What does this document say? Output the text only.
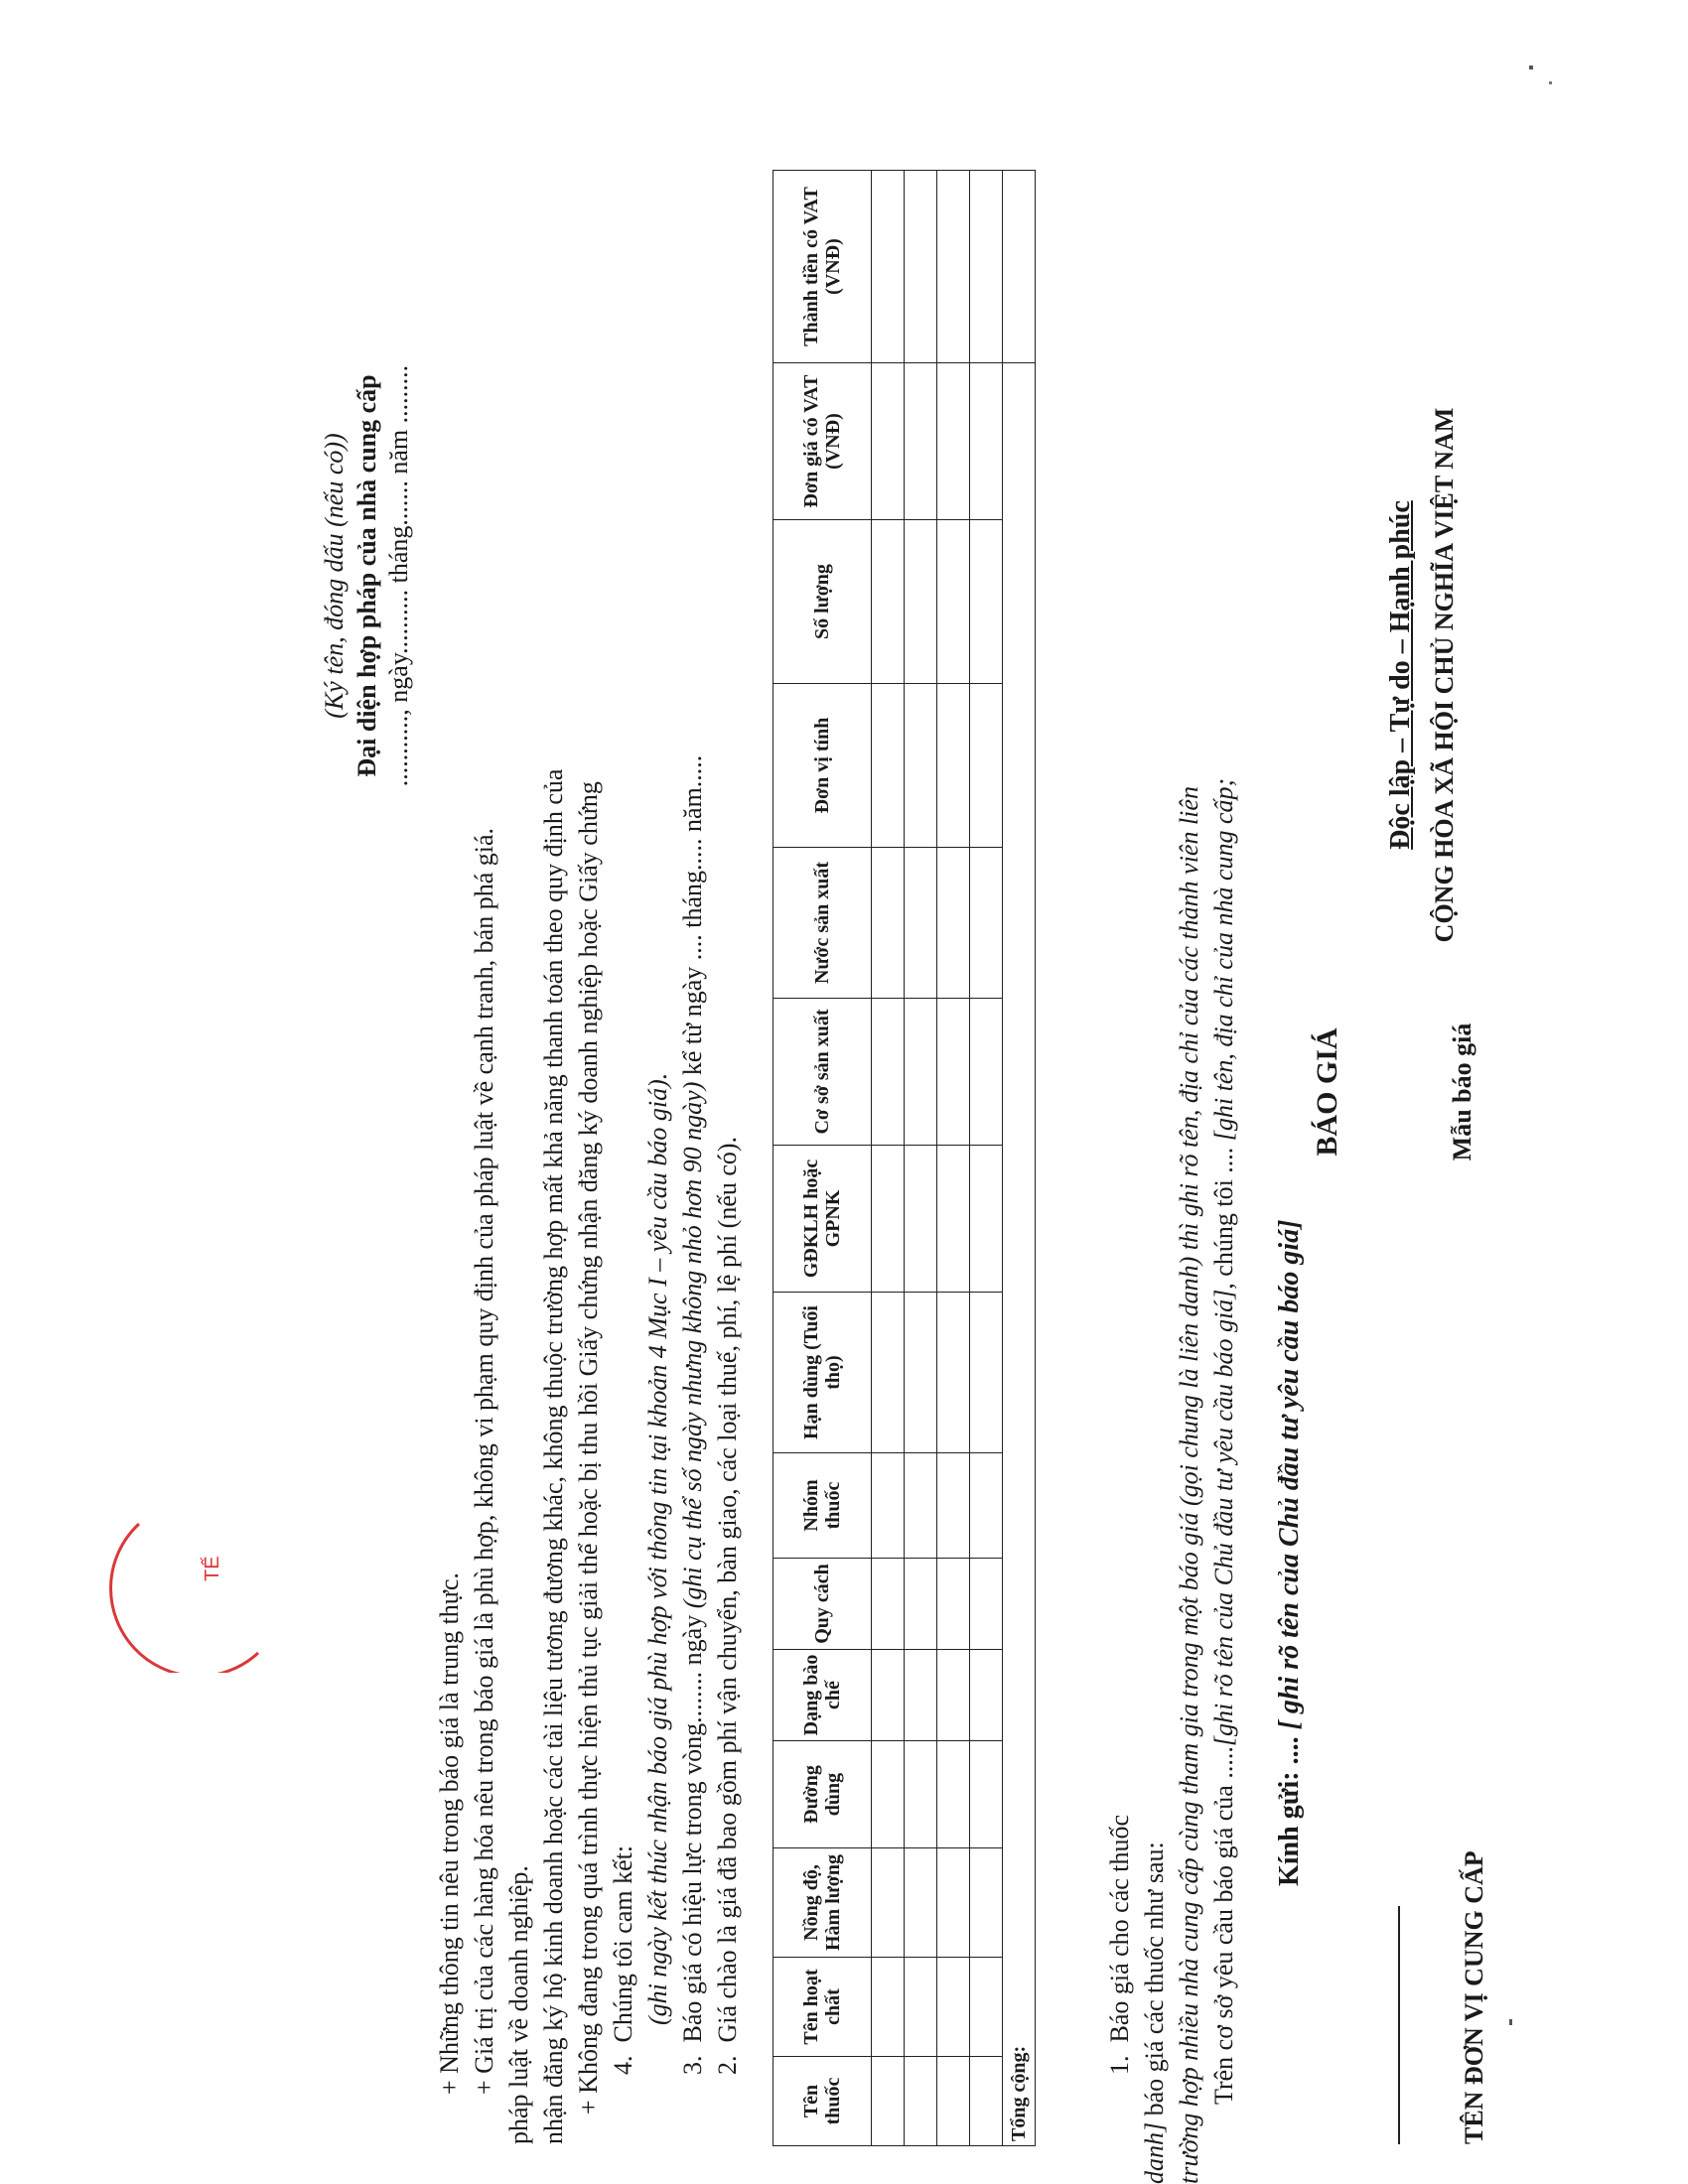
TÊN ĐƠN VỊ CUNG CẤP
Mẫu báo giá
CỘNG HÒA XÃ HỘI CHỦ NGHĨA VIỆT NAM
Độc lập – Tự do – Hạnh phúc
BÁO GIÁ
Kính gửi: .... [ ghi rõ tên của Chủ đầu tư yêu cầu báo giá]
Trên cơ sở yêu cầu báo giá của .....[ghi rõ tên của Chủ đầu tư yêu cầu báo giá], chúng tôi .... [ghi tên, địa chỉ của nhà cung cấp;
trường hợp nhiều nhà cung cấp cùng tham gia trong một báo giá (gọi chung là liên danh) thì ghi rõ tên, địa chỉ của các thành viên liên
danh] báo giá các thuốc như sau:
1.  Báo giá cho các thuốc
Tên thuốc	Tên hoạt chất	Nồng độ, Hàm lượng	Đường dùng	Dạng bào chế	Quy cách	Nhóm thuốc	Hạn dùng (Tuổi thọ)	GĐKLH hoặc GPNK	Cơ sở sản xuất	Nước sản xuất	Đơn vị tính	Số lượng	Đơn giá có VAT (VNĐ)	Thành tiền có VAT (VNĐ)

Tổng cộng:														
2.  Giá chào là giá đã bao gồm phí vận chuyển, bàn giao, các loại thuế, phí, lệ phí (nếu có).
3.  Báo giá có hiệu lực trong vòng........ ngày (ghi cụ thể số ngày nhưng không nhỏ hơn 90 ngày) kể từ ngày .... tháng..... năm.....
(ghi ngày kết thúc nhận báo giá phù hợp với thông tin tại khoản 4 Mục I – yêu cầu báo giá).
4.  Chúng tôi cam kết:
+ Không đang trong quá trình thực hiện thủ tục giải thể hoặc bị thu hồi Giấy chứng nhận đăng ký doanh nghiệp hoặc Giấy chứng
nhận đăng ký hộ kinh doanh hoặc các tài liệu tương đương khác, không thuộc trường hợp mất khả năng thanh toán theo quy định của
pháp luật về doanh nghiệp.
+ Giá trị của các hàng hóa nêu trong báo giá là phù hợp, không vi phạm quy định của pháp luật về cạnh tranh, bán phá giá.
+ Những thông tin nêu trong báo giá là trung thực.
..........., ngày.......... tháng....... năm .........
Đại diện hợp pháp của nhà cung cấp
(Ký tên, đóng dấu (nếu có))
TẾ
